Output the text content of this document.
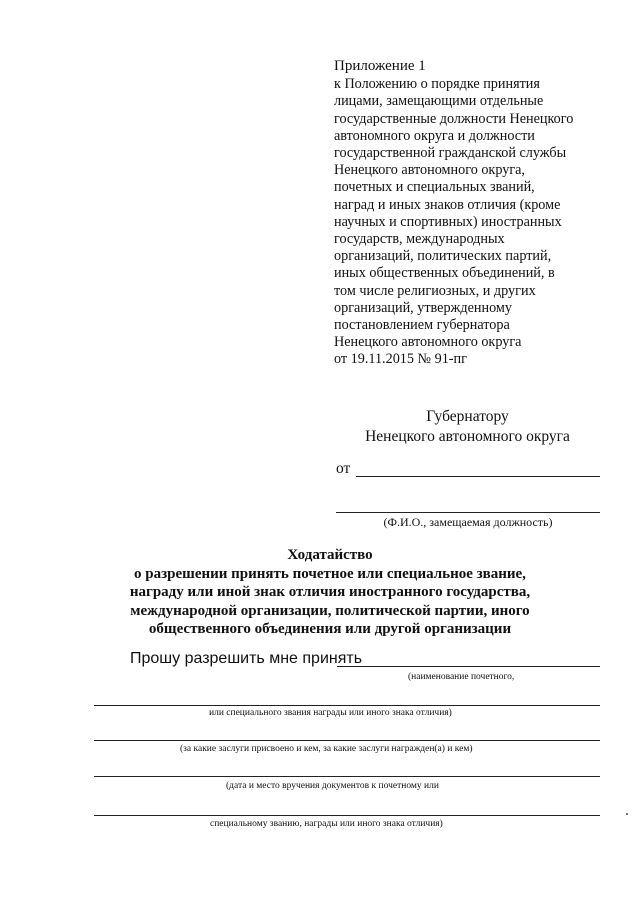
Приложение 1
к Положению о порядке принятия
лицами, замещающими отдельные
государственные должности Ненецкого
автономного округа и должности
государственной гражданской службы
Ненецкого автономного округа,
почетных и специальных званий,
наград и иных знаков отличия (кроме
научных и спортивных) иностранных
государств, международных
организаций, политических партий,
иных общественных объединений, в
том числе религиозных, и других
организаций, утвержденному
постановлением губернатора
Ненецкого автономного округа
от 19.11.2015 № 91-пг
Губернатору
Ненецкого автономного округа
от
(Ф.И.О., замещаемая должность)
Ходатайство
о разрешении принять почетное или специальное звание,
награду или иной знак отличия иностранного государства,
международной организации, политической партии, иного
общественного объединения или другой организации
Прошу разрешить мне принять
(наименование почетного,
или специального звания награды или иного знака отличия)
(за какие заслуги присвоено и кем, за какие заслуги награжден(а) и кем)
(дата и место вручения документов к почетному или
специальному званию, награды или иного знака отличия)
